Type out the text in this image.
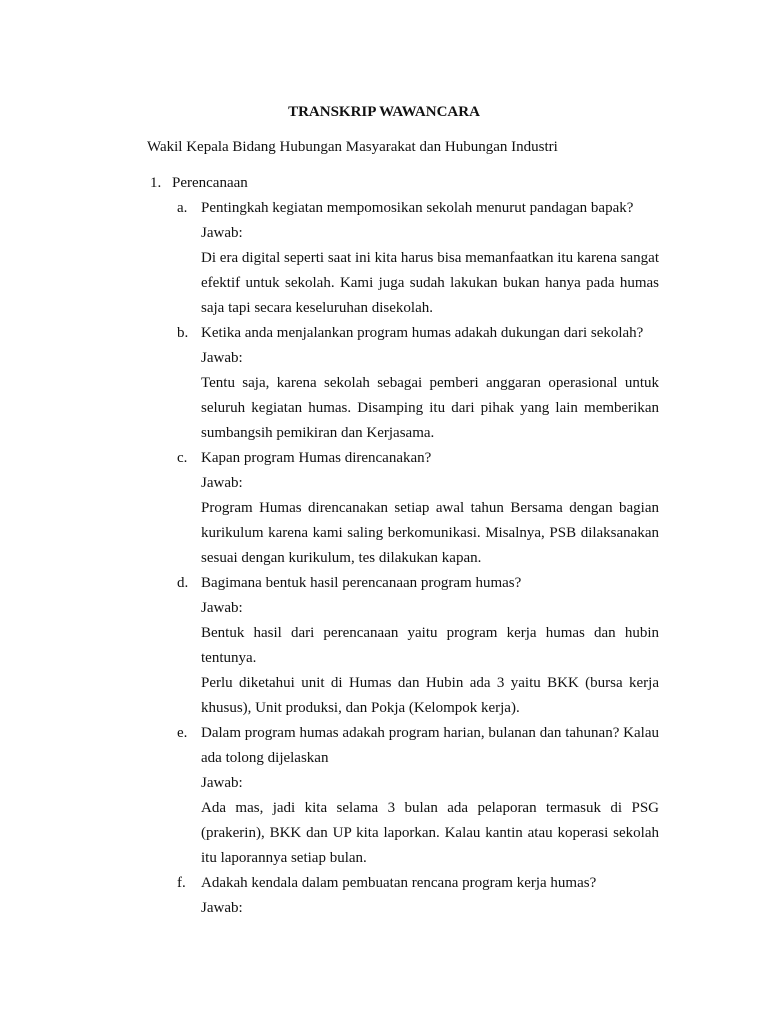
TRANSKRIP WAWANCARA
Wakil Kepala Bidang Hubungan Masyarakat dan Hubungan Industri
1. Perencanaan
a. Pentingkah kegiatan mempomosikan sekolah menurut pandagan bapak?
Jawab:
Di era digital seperti saat ini kita harus bisa memanfaatkan itu karena sangat efektif untuk sekolah. Kami juga sudah lakukan bukan hanya pada humas saja tapi secara keseluruhan disekolah.
b. Ketika anda menjalankan program humas adakah dukungan dari sekolah?
Jawab:
Tentu saja, karena sekolah sebagai pemberi anggaran operasional untuk seluruh kegiatan humas. Disamping itu dari pihak yang lain memberikan sumbangsih pemikiran dan Kerjasama.
c. Kapan program Humas direncanakan?
Jawab:
Program Humas direncanakan setiap awal tahun Bersama dengan bagian kurikulum karena kami saling berkomunikasi. Misalnya, PSB dilaksanakan sesuai dengan kurikulum, tes dilakukan kapan.
d. Bagimana bentuk hasil perencanaan program humas?
Jawab:
Bentuk hasil dari perencanaan yaitu program kerja humas dan hubin tentunya.
Perlu diketahui unit di Humas dan Hubin ada 3 yaitu BKK (bursa kerja khusus), Unit produksi, dan Pokja (Kelompok kerja).
e. Dalam program humas adakah program harian, bulanan dan tahunan? Kalau ada tolong dijelaskan
Jawab:
Ada mas, jadi kita selama 3 bulan ada pelaporan termasuk di PSG (prakerin), BKK dan UP kita laporkan. Kalau kantin atau koperasi sekolah itu laporannya setiap bulan.
f. Adakah kendala dalam pembuatan rencana program kerja humas?
Jawab:
